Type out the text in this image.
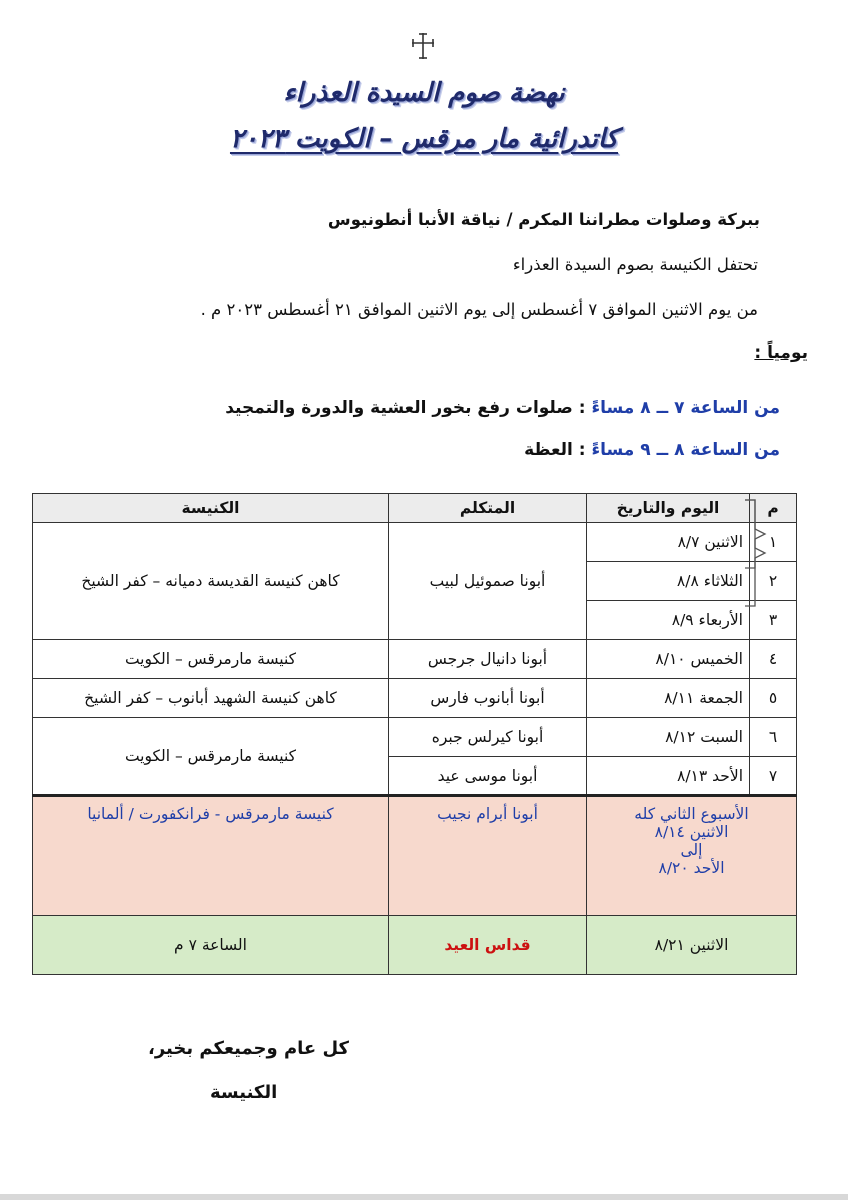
نهضة صوم السيدة العذراء
كاتدرائية مار مرقس – الكويت ٢٠٢٣
ببركة وصلوات مطراننا المكرم / نياقة الأنبا أنطونيوس
تحتفل الكنيسة بصوم السيدة العذراء
من يوم الاثنين الموافق ٧ أغسطس إلى يوم الاثنين الموافق ٢١ أغسطس ٢٠٢٣ م .
يومياً :
من الساعة ٧ ــ ٨ مساءً : صلوات رفع بخور العشية والدورة والتمجيد
من الساعة ٨ ــ ٩ مساءً : العظة
م	اليوم والتاريخ	المتكلم	الكنيسة
١	الاثنين ٨/٧	أبونا صموئيل لبيب	كاهن كنيسة القديسة دميانه – كفر الشيخ

٢	الثلاثاء ٨/٨		
٣	الأربعاء ٨/٩		
٤	الخميس ٨/١٠	أبونا دانيال جرجس	كنيسة مارمرقس – الكويت
٥	الجمعة ٨/١١	أبونا أبانوب فارس	كاهن كنيسة الشهيد أبانوب – كفر الشيخ
٦	السبت ٨/١٢	أبونا كيرلس جبره	كنيسة مارمرقس – الكويت

٧	الأحد ٨/١٣	أبونا موسى عيد	

الأسبوع الثاني كله
الاثنين ٨/١٤
إلى
الأحد ٨/٢٠		أبونا أبرام نجيب	كنيسة مارمرقس - فرانكفورت / ألمانيا
الاثنين ٨/٢١		قداس العيد	الساعة ٧ م
كل عام وجميعكم بخير،
الكنيسة
